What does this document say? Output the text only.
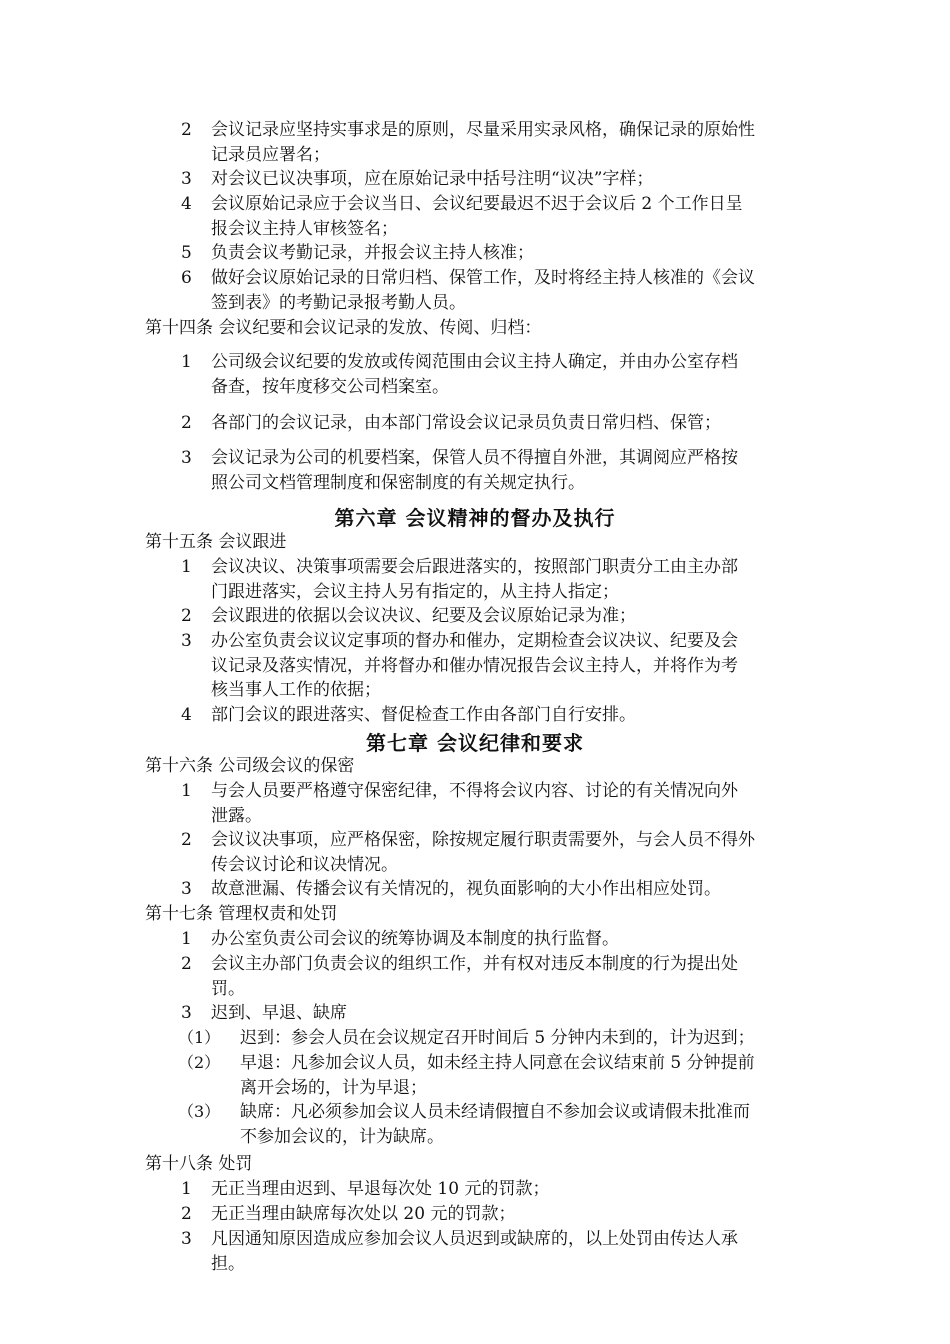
2	会议记录应坚持实事求是的原则，尽量采用实录风格，确保记录的原始性
记录员应署名；
3	对会议已议决事项，应在原始记录中括号注明“议决”字样；
4	会议原始记录应于会议当日、会议纪要最迟不迟于会议后 2 个工作日呈
报会议主持人审核签名；
5	负责会议考勤记录，并报会议主持人核准；
6	做好会议原始记录的日常归档、保管工作，及时将经主持人核准的《会议
签到表》的考勤记录报考勤人员。
第十四条 会议纪要和会议记录的发放、传阅、归档：
1	公司级会议纪要的发放或传阅范围由会议主持人确定，并由办公室存档
备查，按年度移交公司档案室。
2	各部门的会议记录，由本部门常设会议记录员负责日常归档、保管；
3	会议记录为公司的机要档案，保管人员不得擅自外泄，其调阅应严格按
照公司文档管理制度和保密制度的有关规定执行。
第六章 会议精神的督办及执行
第十五条 会议跟进
1	会议决议、决策事项需要会后跟进落实的，按照部门职责分工由主办部
门跟进落实，会议主持人另有指定的，从主持人指定；
2	会议跟进的依据以会议决议、纪要及会议原始记录为准；
3	办公室负责会议议定事项的督办和催办，定期检查会议决议、纪要及会
议记录及落实情况，并将督办和催办情况报告会议主持人，并将作为考
核当事人工作的依据；
4	部门会议的跟进落实、督促检查工作由各部门自行安排。
第七章 会议纪律和要求
第十六条 公司级会议的保密
1	与会人员要严格遵守保密纪律，不得将会议内容、讨论的有关情况向外
泄露。
2	会议议决事项，应严格保密，除按规定履行职责需要外，与会人员不得外
传会议讨论和议决情况。
3	故意泄漏、传播会议有关情况的，视负面影响的大小作出相应处罚。
第十七条 管理权责和处罚
1	办公室负责公司会议的统筹协调及本制度的执行监督。
2	会议主办部门负责会议的组织工作，并有权对违反本制度的行为提出处
罚。
3	迟到、早退、缺席
（1）	迟到：参会人员在会议规定召开时间后 5 分钟内未到的，计为迟到；
（2）	早退：凡参加会议人员，如未经主持人同意在会议结束前 5 分钟提前
离开会场的，计为早退；
（3）	缺席：凡必须参加会议人员未经请假擅自不参加会议或请假未批准而
不参加会议的，计为缺席。
第十八条 处罚
1	无正当理由迟到、早退每次处 10 元的罚款；
2	无正当理由缺席每次处以 20 元的罚款；
3	凡因通知原因造成应参加会议人员迟到或缺席的，以上处罚由传达人承
担。
